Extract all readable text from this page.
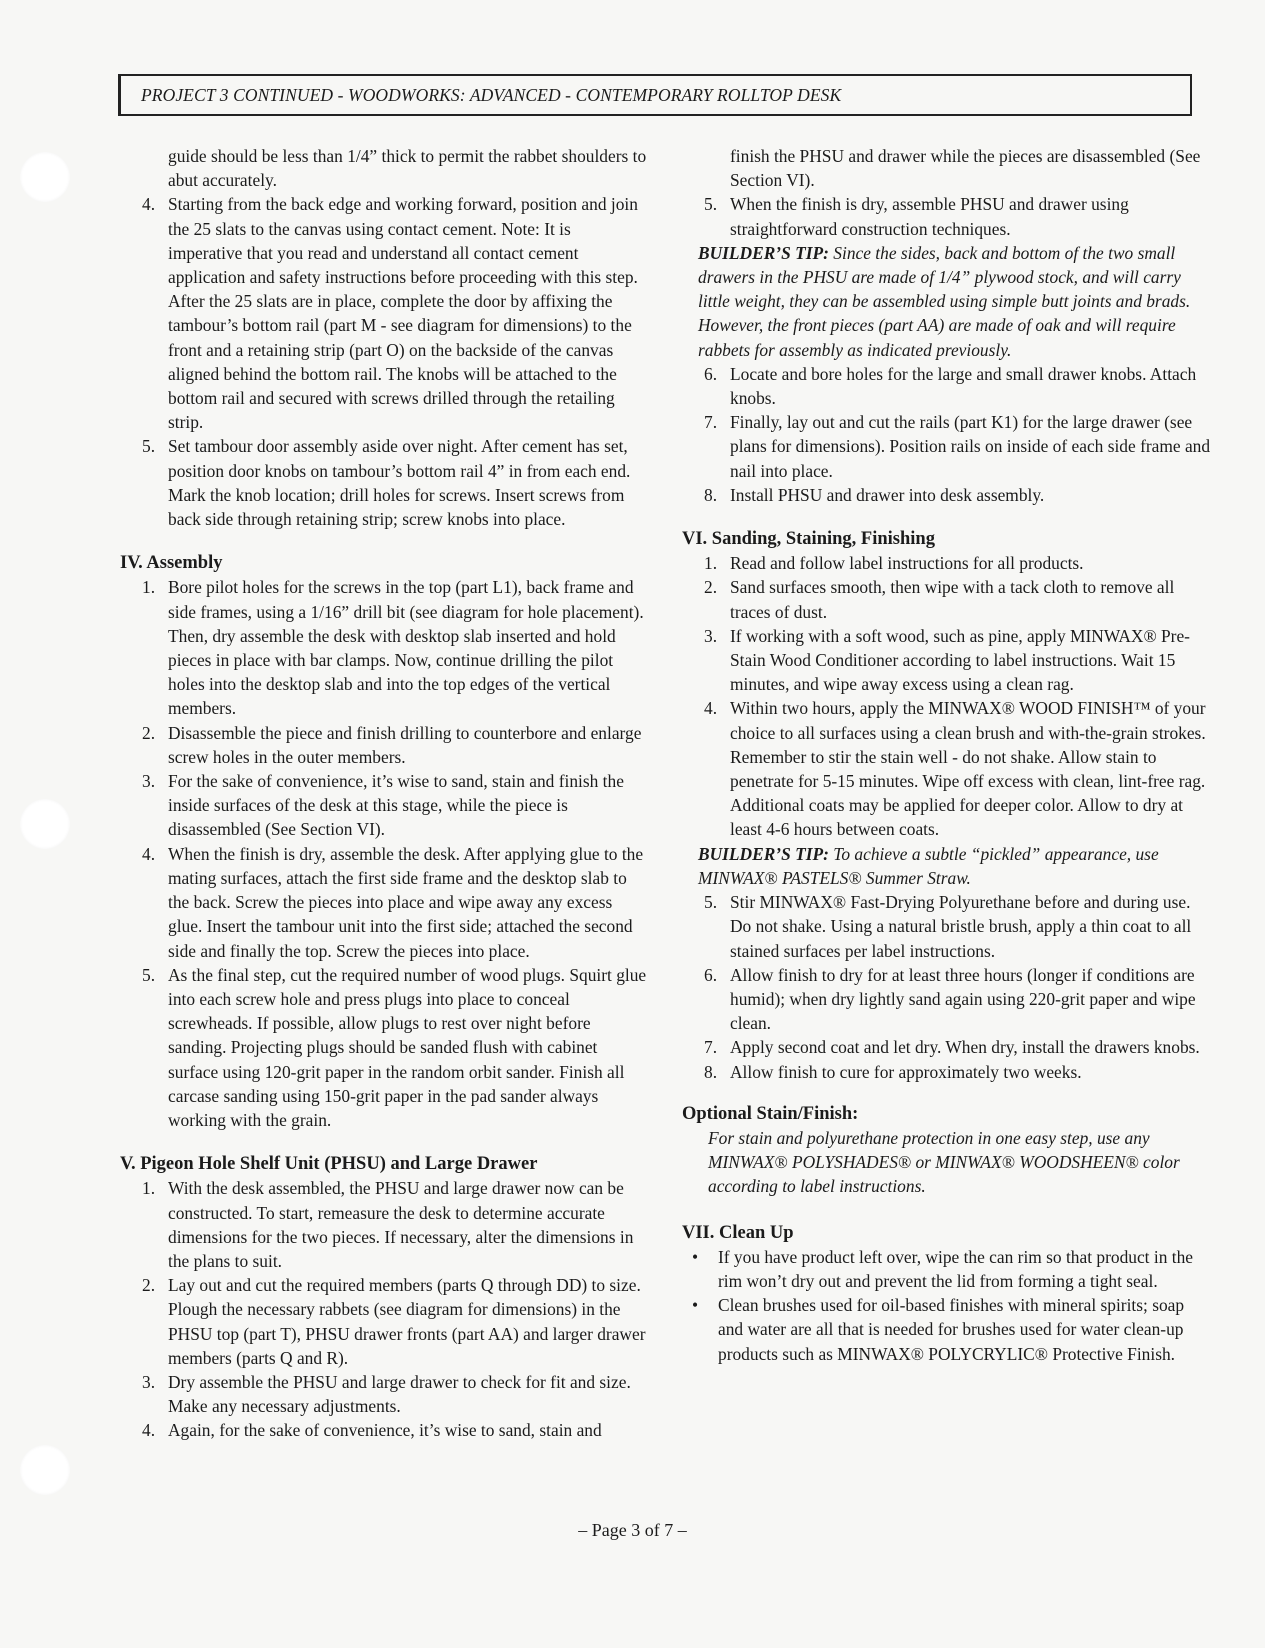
PROJECT 3 CONTINUED - WOODWORKS: ADVANCED - CONTEMPORARY ROLLTOP DESK
guide should be less than 1/4” thick to permit the rabbet shoulders to abut accurately.
4. Starting from the back edge and working forward, position and join the 25 slats to the canvas using contact cement. Note: It is imperative that you read and understand all contact cement application and safety instructions before proceeding with this step. After the 25 slats are in place, complete the door by affixing the tambour’s bottom rail (part M - see diagram for dimensions) to the front and a retaining strip (part O) on the backside of the canvas aligned behind the bottom rail. The knobs will be attached to the bottom rail and secured with screws drilled through the retailing strip.
5. Set tambour door assembly aside over night. After cement has set, position door knobs on tambour’s bottom rail 4” in from each end. Mark the knob location; drill holes for screws. Insert screws from back side through retaining strip; screw knobs into place.
IV. Assembly
1. Bore pilot holes for the screws in the top (part L1), back frame and side frames, using a 1/16” drill bit (see diagram for hole placement). Then, dry assemble the desk with desktop slab inserted and hold pieces in place with bar clamps. Now, continue drilling the pilot holes into the desktop slab and into the top edges of the vertical members.
2. Disassemble the piece and finish drilling to counterbore and enlarge screw holes in the outer members.
3. For the sake of convenience, it’s wise to sand, stain and finish the inside surfaces of the desk at this stage, while the piece is disassembled (See Section VI).
4. When the finish is dry, assemble the desk. After applying glue to the mating surfaces, attach the first side frame and the desktop slab to the back. Screw the pieces into place and wipe away any excess glue. Insert the tambour unit into the first side; attached the second side and finally the top. Screw the pieces into place.
5. As the final step, cut the required number of wood plugs. Squirt glue into each screw hole and press plugs into place to conceal screwheads. If possible, allow plugs to rest over night before sanding. Projecting plugs should be sanded flush with cabinet surface using 120-grit paper in the random orbit sander. Finish all carcase sanding using 150-grit paper in the pad sander always working with the grain.
V. Pigeon Hole Shelf Unit (PHSU) and Large Drawer
1. With the desk assembled, the PHSU and large drawer now can be constructed. To start, remeasure the desk to determine accurate dimensions for the two pieces. If necessary, alter the dimensions in the plans to suit.
2. Lay out and cut the required members (parts Q through DD) to size. Plough the necessary rabbets (see diagram for dimensions) in the PHSU top (part T), PHSU drawer fronts (part AA) and larger drawer members (parts Q and R).
3. Dry assemble the PHSU and large drawer to check for fit and size. Make any necessary adjustments.
4. Again, for the sake of convenience, it’s wise to sand, stain and
finish the PHSU and drawer while the pieces are disassembled (See Section VI).
5. When the finish is dry, assemble PHSU and drawer using straightforward construction techniques.
BUILDER’S TIP: Since the sides, back and bottom of the two small drawers in the PHSU are made of 1/4” plywood stock, and will carry little weight, they can be assembled using simple butt joints and brads. However, the front pieces (part AA) are made of oak and will require rabbets for assembly as indicated previously.
6. Locate and bore holes for the large and small drawer knobs. Attach knobs.
7. Finally, lay out and cut the rails (part K1) for the large drawer (see plans for dimensions). Position rails on inside of each side frame and nail into place.
8. Install PHSU and drawer into desk assembly.
VI. Sanding, Staining, Finishing
1. Read and follow label instructions for all products.
2. Sand surfaces smooth, then wipe with a tack cloth to remove all traces of dust.
3. If working with a soft wood, such as pine, apply MINWAX® Pre-Stain Wood Conditioner according to label instructions. Wait 15 minutes, and wipe away excess using a clean rag.
4. Within two hours, apply the MINWAX® WOOD FINISH™ of your choice to all surfaces using a clean brush and with-the-grain strokes. Remember to stir the stain well - do not shake. Allow stain to penetrate for 5-15 minutes. Wipe off excess with clean, lint-free rag. Additional coats may be applied for deeper color. Allow to dry at least 4-6 hours between coats.
BUILDER’S TIP: To achieve a subtle “pickled” appearance, use MINWAX® PASTELS® Summer Straw.
5. Stir MINWAX® Fast-Drying Polyurethane before and during use. Do not shake. Using a natural bristle brush, apply a thin coat to all stained surfaces per label instructions.
6. Allow finish to dry for at least three hours (longer if conditions are humid); when dry lightly sand again using 220-grit paper and wipe clean.
7. Apply second coat and let dry. When dry, install the drawers knobs.
8. Allow finish to cure for approximately two weeks.
Optional Stain/Finish:
For stain and polyurethane protection in one easy step, use any MINWAX® POLYSHADES® or MINWAX® WOODSHEEN® color according to label instructions.
VII. Clean Up
• If you have product left over, wipe the can rim so that product in the rim won’t dry out and prevent the lid from forming a tight seal.
• Clean brushes used for oil-based finishes with mineral spirits; soap and water are all that is needed for brushes used for water clean-up products such as MINWAX® POLYCRYLIC® Protective Finish.
– Page 3 of 7 –
